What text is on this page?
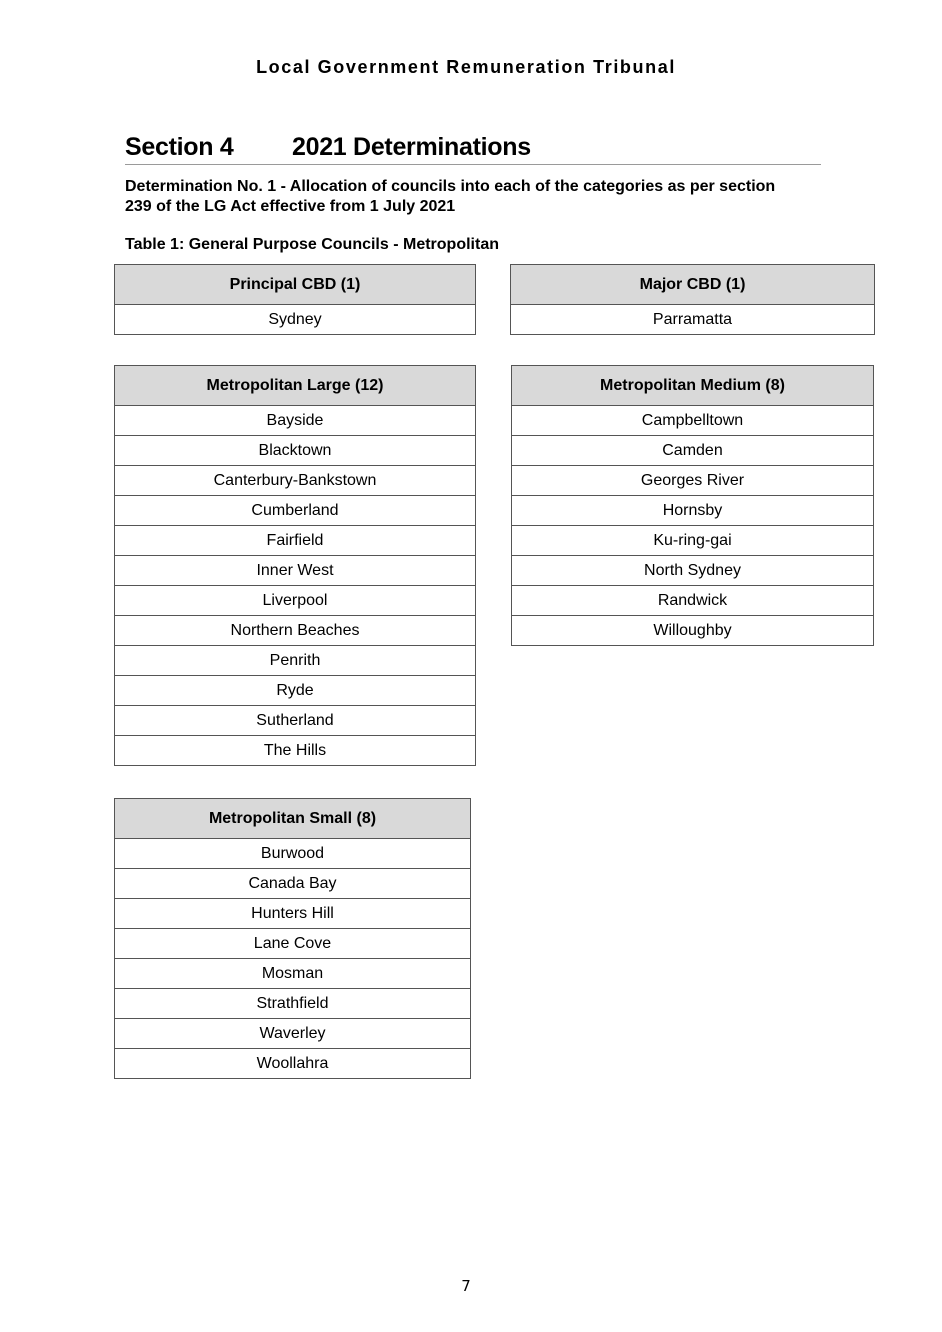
Local Government Remuneration Tribunal
Section 4 2021 Determinations
Determination No. 1 - Allocation of councils into each of the categories as per section 239 of the LG Act effective from 1 July 2021
Table 1: General Purpose Councils - Metropolitan
Principal CBD (1)
Sydney
Major CBD (1)
Parramatta
Metropolitan Large (12)
Bayside
Blacktown
Canterbury-Bankstown
Cumberland
Fairfield
Inner West
Liverpool
Northern Beaches
Penrith
Ryde
Sutherland
The Hills
Metropolitan Medium (8)
Campbelltown
Camden
Georges River
Hornsby
Ku-ring-gai
North Sydney
Randwick
Willoughby
Metropolitan Small (8)
Burwood
Canada Bay
Hunters Hill
Lane Cove
Mosman
Strathfield
Waverley
Woollahra
7
